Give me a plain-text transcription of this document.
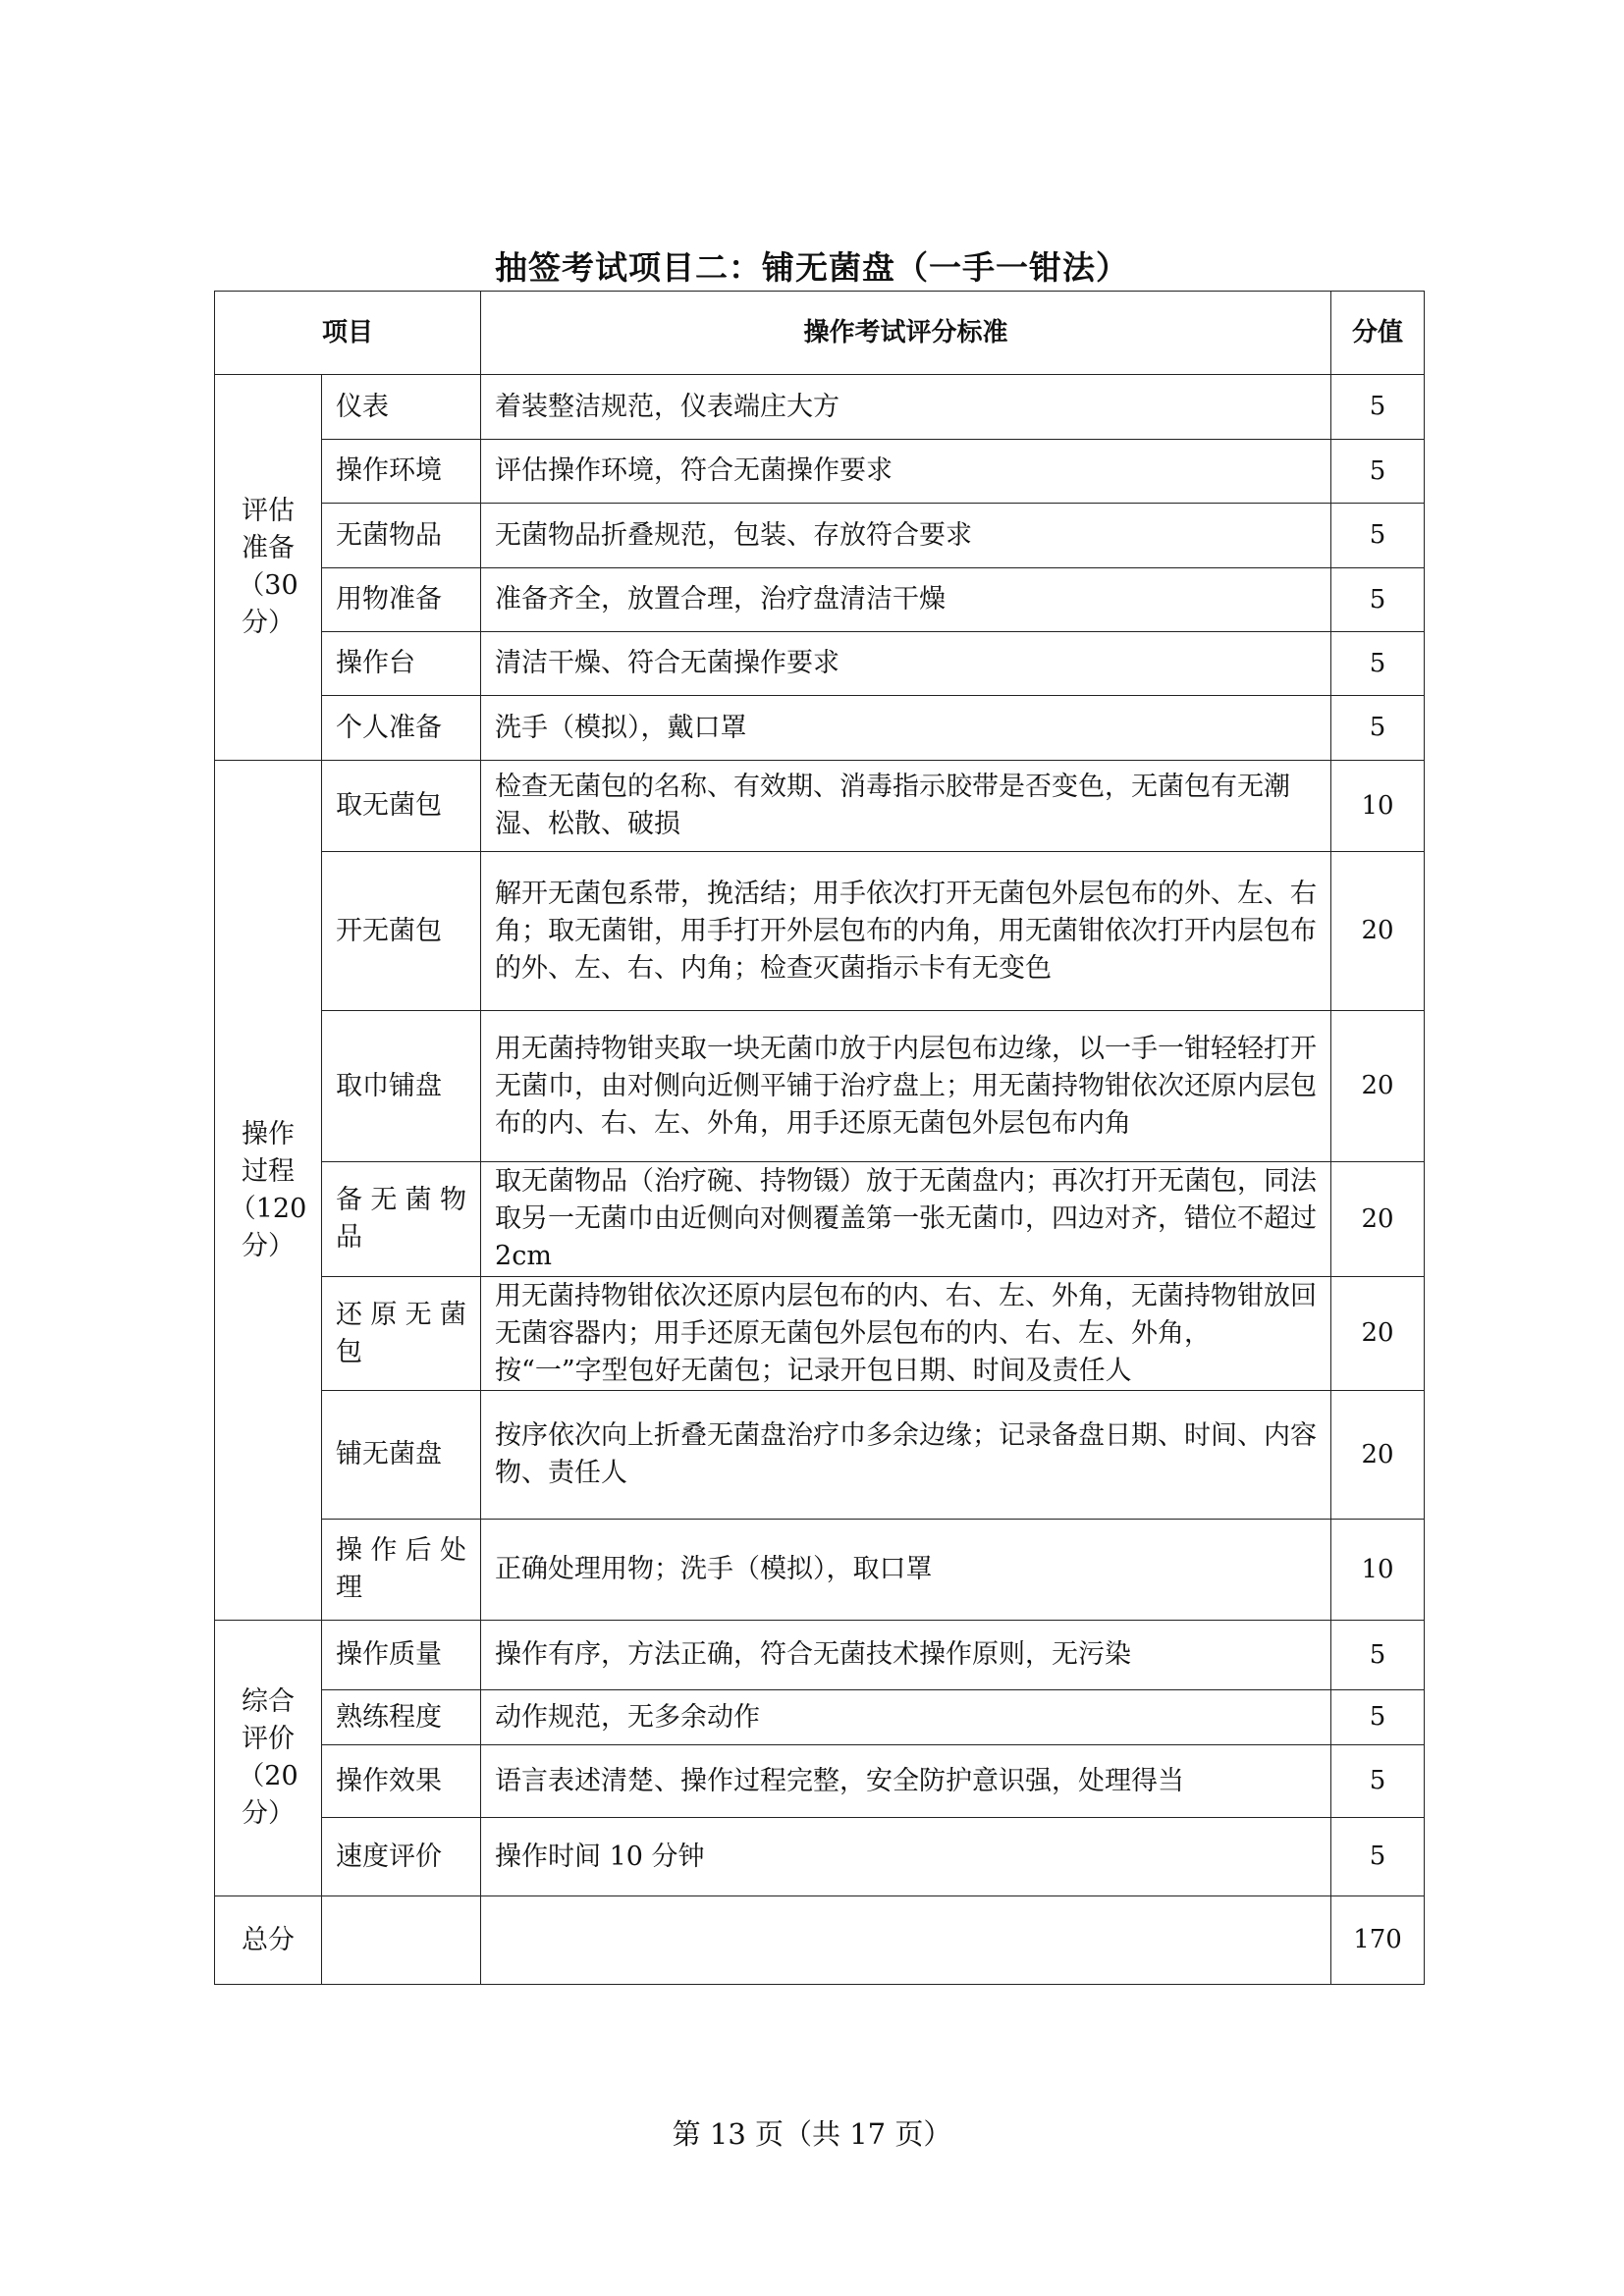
抽签考试项目二：铺无菌盘（一手一钳法）
项目		操作考试评分标准	分值
评估准备（30分）	仪表	着装整洁规范，仪表端庄大方	5
	操作环境	评估操作环境，符合无菌操作要求	5
	无菌物品	无菌物品折叠规范，包装、存放符合要求	5
	用物准备	准备齐全，放置合理，治疗盘清洁干燥	5
	操作台	清洁干燥、符合无菌操作要求	5
	个人准备	洗手（模拟），戴口罩	5
操作过程（120分）	取无菌包	检查无菌包的名称、有效期、消毒指示胶带是否变色，无菌包有无潮湿、松散、破损	10
	开无菌包	解开无菌包系带，挽活结；用手依次打开无菌包外层包布的外、左、右角；取无菌钳，用手打开外层包布的内角，用无菌钳依次打开内层包布的外、左、右、内角；检查灭菌指示卡有无变色	20
	取巾铺盘	用无菌持物钳夹取一块无菌巾放于内层包布边缘，以一手一钳轻轻打开无菌巾，由对侧向近侧平铺于治疗盘上；用无菌持物钳依次还原内层包布的内、右、左、外角，用手还原无菌包外层包布内角	20
	备无菌物品	取无菌物品（治疗碗、持物镊）放于无菌盘内；再次打开无菌包，同法取另一无菌巾由近侧向对侧覆盖第一张无菌巾，四边对齐，错位不超过 2cm	20
	还原无菌包	用无菌持物钳依次还原内层包布的内、右、左、外角，无菌持物钳放回无菌容器内；用手还原无菌包外层包布的内、右、左、外角，按“一”字型包好无菌包；记录开包日期、时间及责任人	20
	铺无菌盘	按序依次向上折叠无菌盘治疗巾多余边缘；记录备盘日期、时间、内容物、责任人	20
	操作后处理	正确处理用物；洗手（模拟），取口罩	10
综合评价（20分）	操作质量	操作有序，方法正确，符合无菌技术操作原则，无污染	5
	熟练程度	动作规范，无多余动作	5
	操作效果	语言表述清楚、操作过程完整，安全防护意识强，处理得当	5
	速度评价	操作时间 10 分钟	5
总分			170
第 13 页（共 17 页）
